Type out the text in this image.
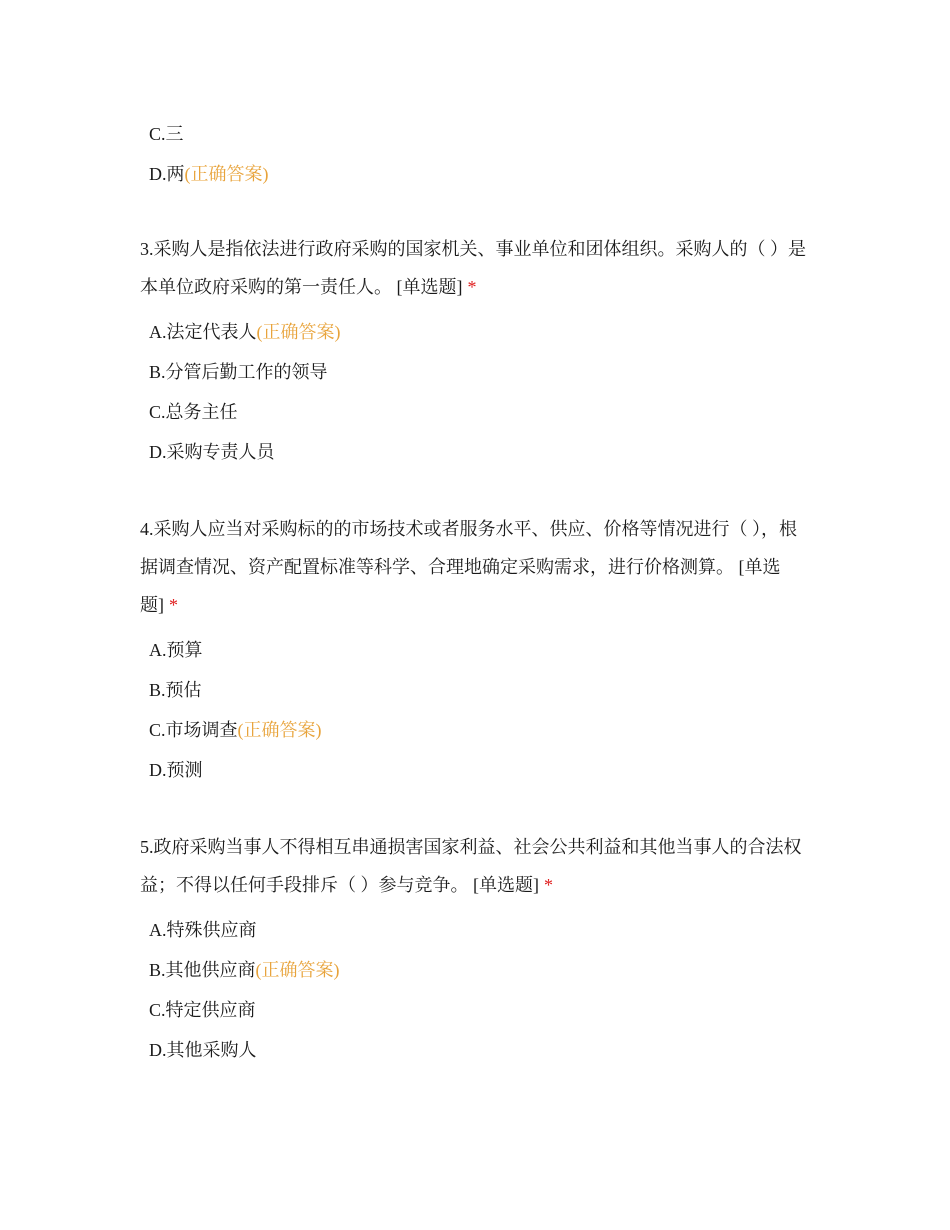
C.三
D.两(正确答案)

3.采购人是指依法进行政府采购的国家机关、事业单位和团体组织。采购人的（ ）是本单位政府采购的第一责任人。 [单选题] *

A.法定代表人(正确答案)
B.分管后勤工作的领导
C.总务主任
D.采购专责人员

4.采购人应当对采购标的的市场技术或者服务水平、供应、价格等情况进行（ ），根据调查情况、资产配置标准等科学、合理地确定采购需求，进行价格测算。 [单选题] *

A.预算
B.预估
C.市场调查(正确答案)
D.预测

5.政府采购当事人不得相互串通损害国家利益、社会公共利益和其他当事人的合法权益；不得以任何手段排斥（ ）参与竞争。 [单选题] *

A.特殊供应商
B.其他供应商(正确答案)
C.特定供应商
D.其他采购人
